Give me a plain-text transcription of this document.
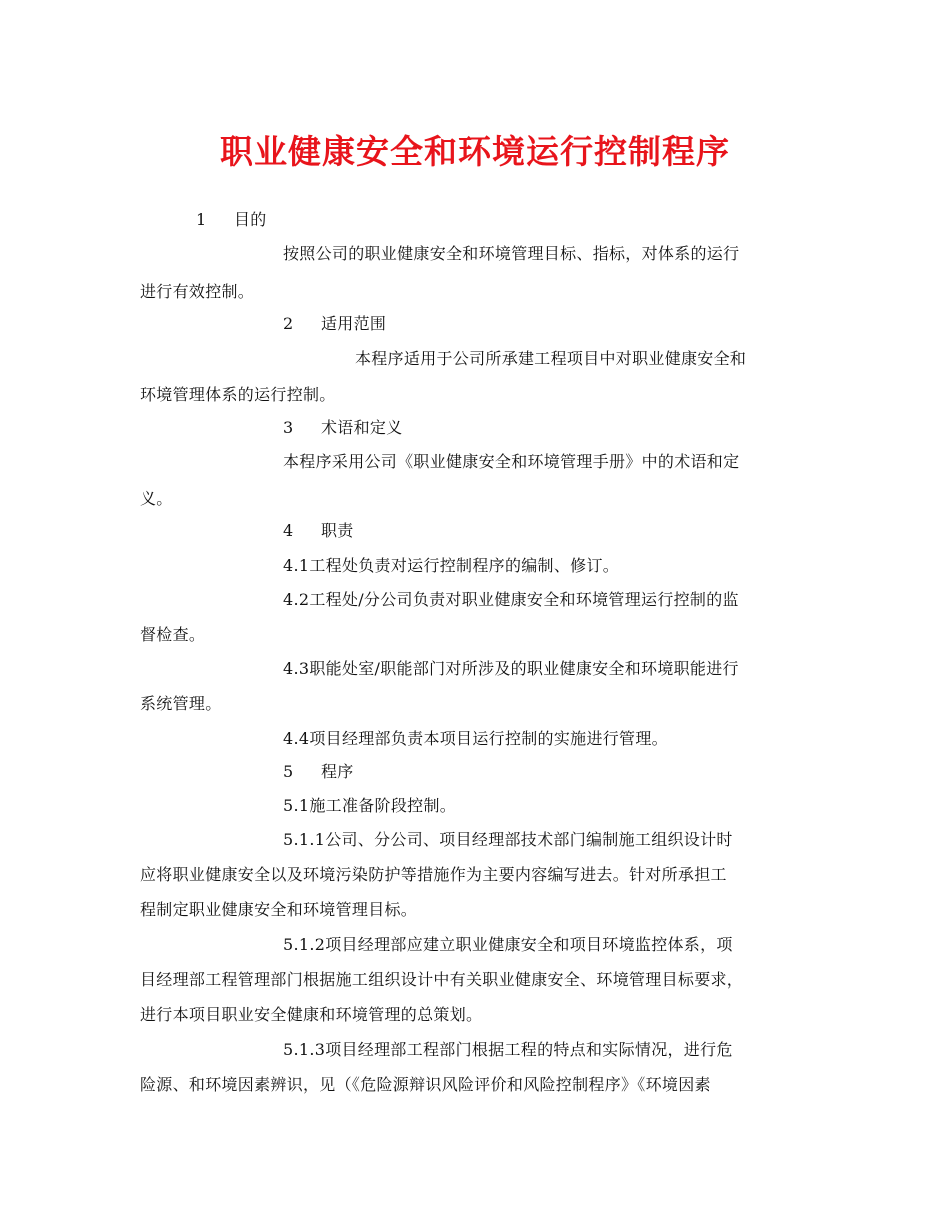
职业健康安全和环境运行控制程序
1 目的
按照公司的职业健康安全和环境管理目标、指标，对体系的运行
进行有效控制。
2 适用范围
本程序适用于公司所承建工程项目中对职业健康安全和
环境管理体系的运行控制。
3 术语和定义
本程序采用公司《职业健康安全和环境管理手册》中的术语和定
义。
4 职责
4.1工程处负责对运行控制程序的编制、修订。
4.2工程处/分公司负责对职业健康安全和环境管理运行控制的监
督检查。
4.3职能处室/职能部门对所涉及的职业健康安全和环境职能进行
系统管理。
4.4项目经理部负责本项目运行控制的实施进行管理。
5 程序
5.1施工准备阶段控制。
5.1.1公司、分公司、项目经理部技术部门编制施工组织设计时
应将职业健康安全以及环境污染防护等措施作为主要内容编写进去。针对所承担工
程制定职业健康安全和环境管理目标。
5.1.2项目经理部应建立职业健康安全和项目环境监控体系，项
目经理部工程管理部门根据施工组织设计中有关职业健康安全、环境管理目标要求，
进行本项目职业安全健康和环境管理的总策划。
5.1.3项目经理部工程部门根据工程的特点和实际情况，进行危
险源、和环境因素辨识，见（《危险源辩识风险评价和风险控制程序》《环境因素
